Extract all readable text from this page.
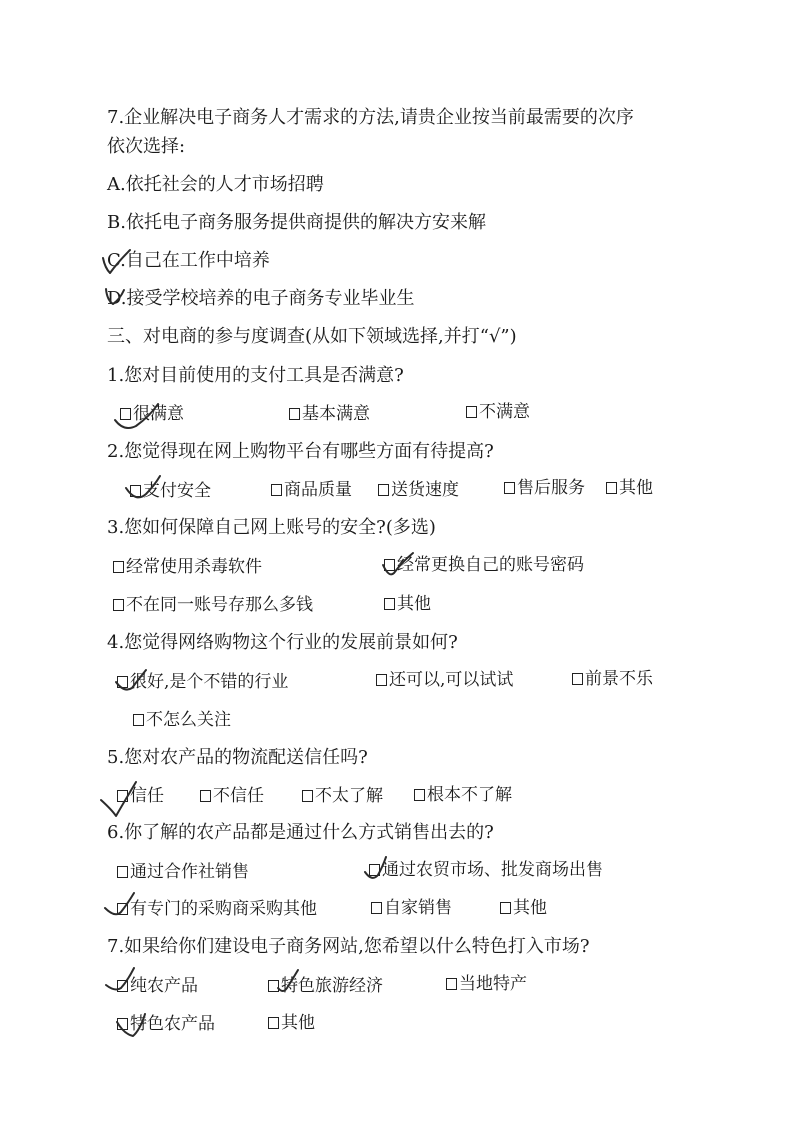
7.企业解决电子商务人才需求的方法,请贵企业按当前最需要的次序
依次选择:
A.依托社会的人才市场招聘
B.依托电子商务服务提供商提供的解决方安来解
C.自己在工作中培养
D.接受学校培养的电子商务专业毕业生
三、对电商的参与度调查(从如下领域选择,并打“√”)
1.您对目前使用的支付工具是否满意?
很满意	基本满意	不满意
2.您觉得现在网上购物平台有哪些方面有待提高?
支付安全	商品质量	送货速度	售后服务	其他
3.您如何保障自己网上账号的安全?(多选)
经常使用杀毒软件	经常更换自己的账号密码
不在同一账号存那么多钱	其他
4.您觉得网络购物这个行业的发展前景如何?
很好,是个不错的行业	还可以,可以试试	前景不乐
不怎么关注
5.您对农产品的物流配送信任吗?
信任	不信任	不太了解	根本不了解
6.你了解的农产品都是通过什么方式销售出去的?
通过合作社销售	通过农贸市场、批发商场出售
有专门的采购商采购其他	自家销售	其他
7.如果给你们建设电子商务网站,您希望以什么特色打入市场?
纯农产品	特色旅游经济	当地特产
特色农产品	其他
